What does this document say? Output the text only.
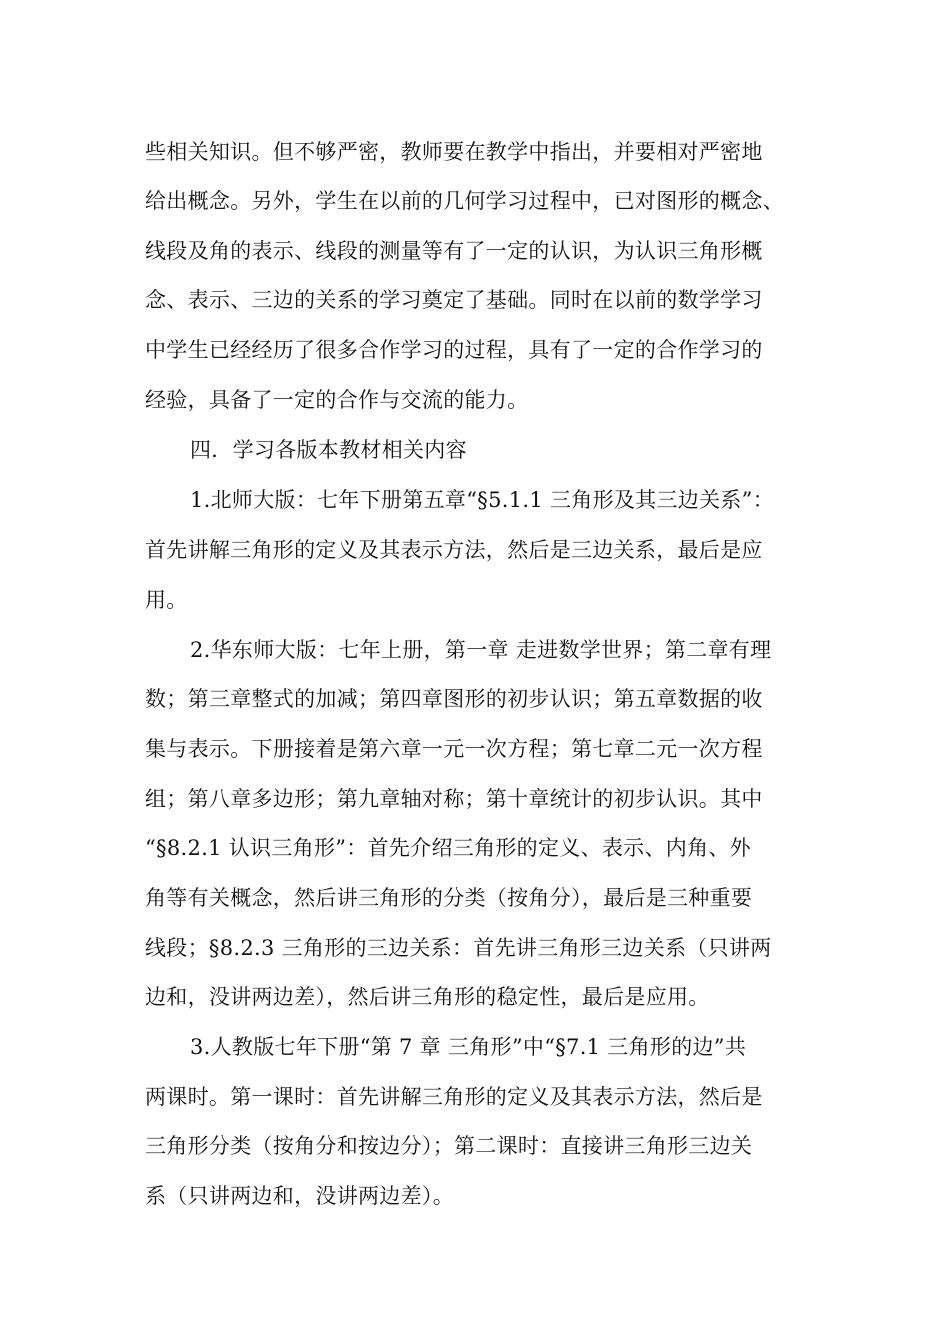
些相关知识。但不够严密，教师要在教学中指出，并要相对严密地
给出概念。另外，学生在以前的几何学习过程中，已对图形的概念、
线段及角的表示、线段的测量等有了一定的认识，为认识三角形概
念、表示、三边的关系的学习奠定了基础。同时在以前的数学学习
中学生已经经历了很多合作学习的过程，具有了一定的合作学习的
经验，具备了一定的合作与交流的能力。
四．学习各版本教材相关内容
1.北师大版：七年下册第五章“§5.1.1 三角形及其三边关系”：
首先讲解三角形的定义及其表示方法，然后是三边关系，最后是应
用。
2.华东师大版：七年上册，第一章 走进数学世界；第二章有理
数；第三章整式的加减；第四章图形的初步认识；第五章数据的收
集与表示。下册接着是第六章一元一次方程；第七章二元一次方程
组；第八章多边形；第九章轴对称；第十章统计的初步认识。其中
“§8.2.1 认识三角形”：首先介绍三角形的定义、表示、内角、外
角等有关概念，然后讲三角形的分类（按角分），最后是三种重要
线段；§8.2.3 三角形的三边关系：首先讲三角形三边关系（只讲两
边和，没讲两边差），然后讲三角形的稳定性，最后是应用。
3.人教版七年下册“第 7 章 三角形”中“§7.1 三角形的边”共
两课时。第一课时：首先讲解三角形的定义及其表示方法，然后是
三角形分类（按角分和按边分）；第二课时：直接讲三角形三边关
系（只讲两边和，没讲两边差）。
